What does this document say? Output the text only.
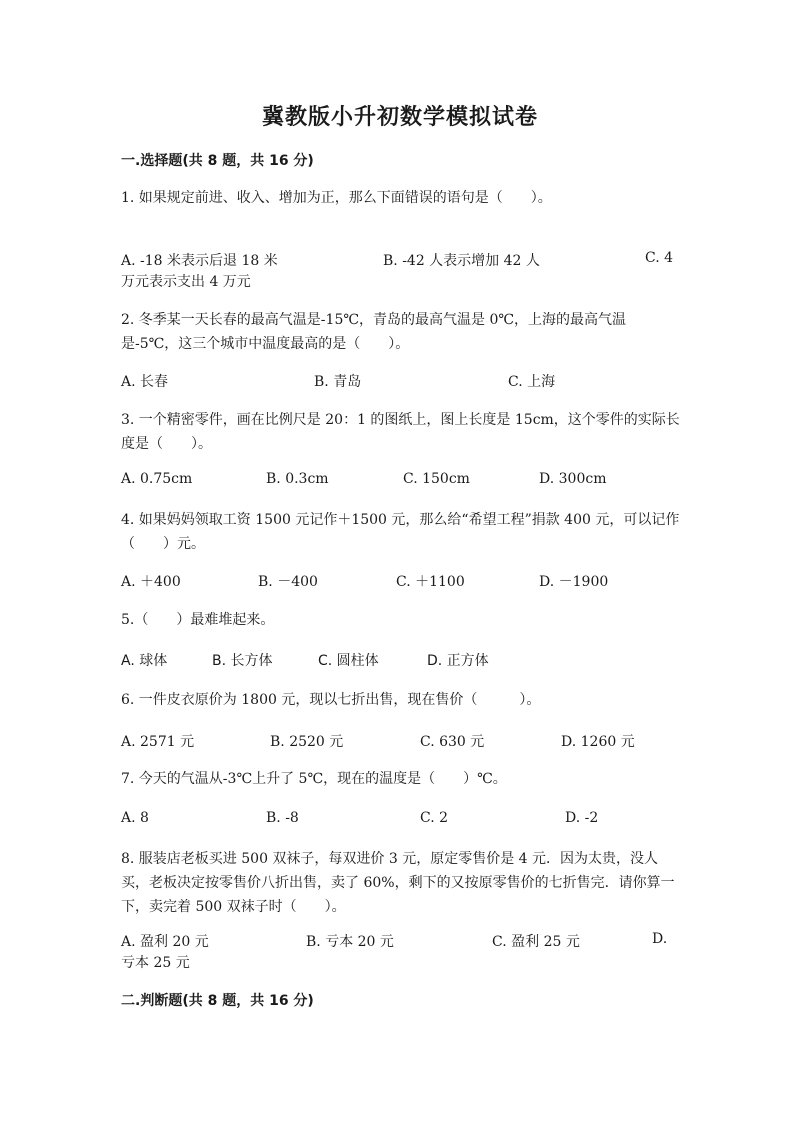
冀教版小升初数学模拟试卷
一.选择题(共 8 题，共 16 分)
1. 如果规定前进、收入、增加为正，那么下面错误的语句是（　　）。
A. -18 米表示后退 18 米	B. -42 人表示增加 42 人	C. 4
万元表示支出 4 万元
2. 冬季某一天长春的最高气温是-15℃，青岛的最高气温是 0℃，上海的最高气温是-5℃，这三个城市中温度最高的是（　　）。
A. 长春	B. 青岛	C. 上海
3. 一个精密零件，画在比例尺是 20：1 的图纸上，图上长度是 15cm，这个零件的实际长度是（　　）。
A. 0.75cm	B. 0.3cm	C. 150cm	D. 300cm
4. 如果妈妈领取工资 1500 元记作＋1500 元，那么给“希望工程”捐款 400 元，可以记作（　　）元。
A. ＋400	B. －400	C. ＋1100	D. －1900
5.（　　）最难堆起来。
A. 球体	B. 长方体	C. 圆柱体	D. 正方体
6. 一件皮衣原价为 1800 元，现以七折出售，现在售价（　　　）。
A. 2571 元	B. 2520 元	C. 630 元	D. 1260 元
7. 今天的气温从-3℃上升了 5℃，现在的温度是（　　）℃。
A. 8	B. -8	C. 2	D. -2
8. 服装店老板买进 500 双袜子，每双进价 3 元，原定零售价是 4 元．因为太贵，没人买，老板决定按零售价八折出售，卖了 60%，剩下的又按原零售价的七折售完．请你算一下，卖完着 500 双袜子时（　　）。
A. 盈利 20 元	B. 亏本 20 元	C. 盈利 25 元	D.
亏本 25 元
二.判断题(共 8 题，共 16 分)
